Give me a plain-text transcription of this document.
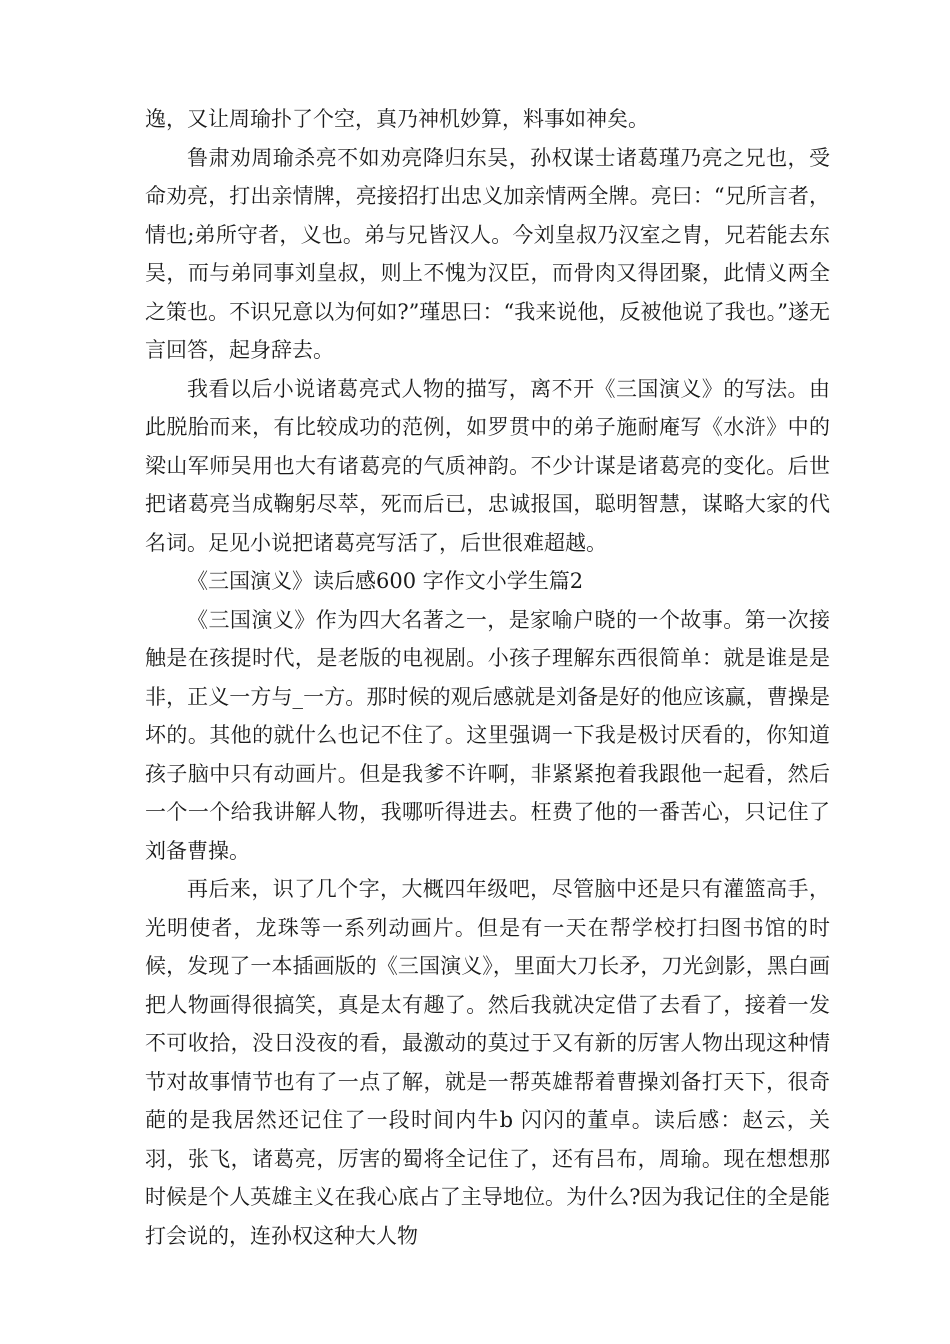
逸，又让周瑜扑了个空，真乃神机妙算，料事如神矣。

鲁肃劝周瑜杀亮不如劝亮降归东吴，孙权谋士诸葛瑾乃亮之兄也，受命劝亮，打出亲情牌，亮接招打出忠义加亲情两全牌。亮曰：“兄所言者，情也;弟所守者，义也。弟与兄皆汉人。今刘皇叔乃汉室之胄，兄若能去东吴，而与弟同事刘皇叔，则上不愧为汉臣，而骨肉又得团聚，此情义两全之策也。不识兄意以为何如?”瑾思曰：“我来说他，反被他说了我也。”遂无言回答，起身辞去。

我看以后小说诸葛亮式人物的描写，离不开《三国演义》的写法。由此脱胎而来，有比较成功的范例，如罗贯中的弟子施耐庵写《水浒》中的梁山军师吴用也大有诸葛亮的气质神韵。不少计谋是诸葛亮的变化。后世把诸葛亮当成鞠躬尽萃，死而后已，忠诚报国，聪明智慧，谋略大家的代名词。足见小说把诸葛亮写活了，后世很难超越。

《三国演义》读后感600 字作文小学生篇2

《三国演义》作为四大名著之一，是家喻户晓的一个故事。第一次接触是在孩提时代，是老版的电视剧。小孩子理解东西很简单：就是谁是是非，正义一方与_一方。那时候的观后感就是刘备是好的他应该赢，曹操是坏的。其他的就什么也记不住了。这里强调一下我是极讨厌看的，你知道孩子脑中只有动画片。但是我爹不许啊，非紧紧抱着我跟他一起看，然后一个一个给我讲解人物，我哪听得进去。枉费了他的一番苦心，只记住了刘备曹操。

再后来，识了几个字，大概四年级吧，尽管脑中还是只有灌篮高手，光明使者，龙珠等一系列动画片。但是有一天在帮学校打扫图书馆的时候，发现了一本插画版的《三国演义》，里面大刀长矛，刀光剑影，黑白画把人物画得很搞笑，真是太有趣了。然后我就决定借了去看了，接着一发不可收拾，没日没夜的看，最激动的莫过于又有新的厉害人物出现这种情节对故事情节也有了一点了解，就是一帮英雄帮着曹操刘备打天下，很奇葩的是我居然还记住了一段时间内牛b 闪闪的董卓。读后感：赵云，关羽，张飞，诸葛亮，厉害的蜀将全记住了，还有吕布，周瑜。现在想想那时候是个人英雄主义在我心底占了主导地位。为什么?因为我记住的全是能打会说的，连孙权这种大人物
